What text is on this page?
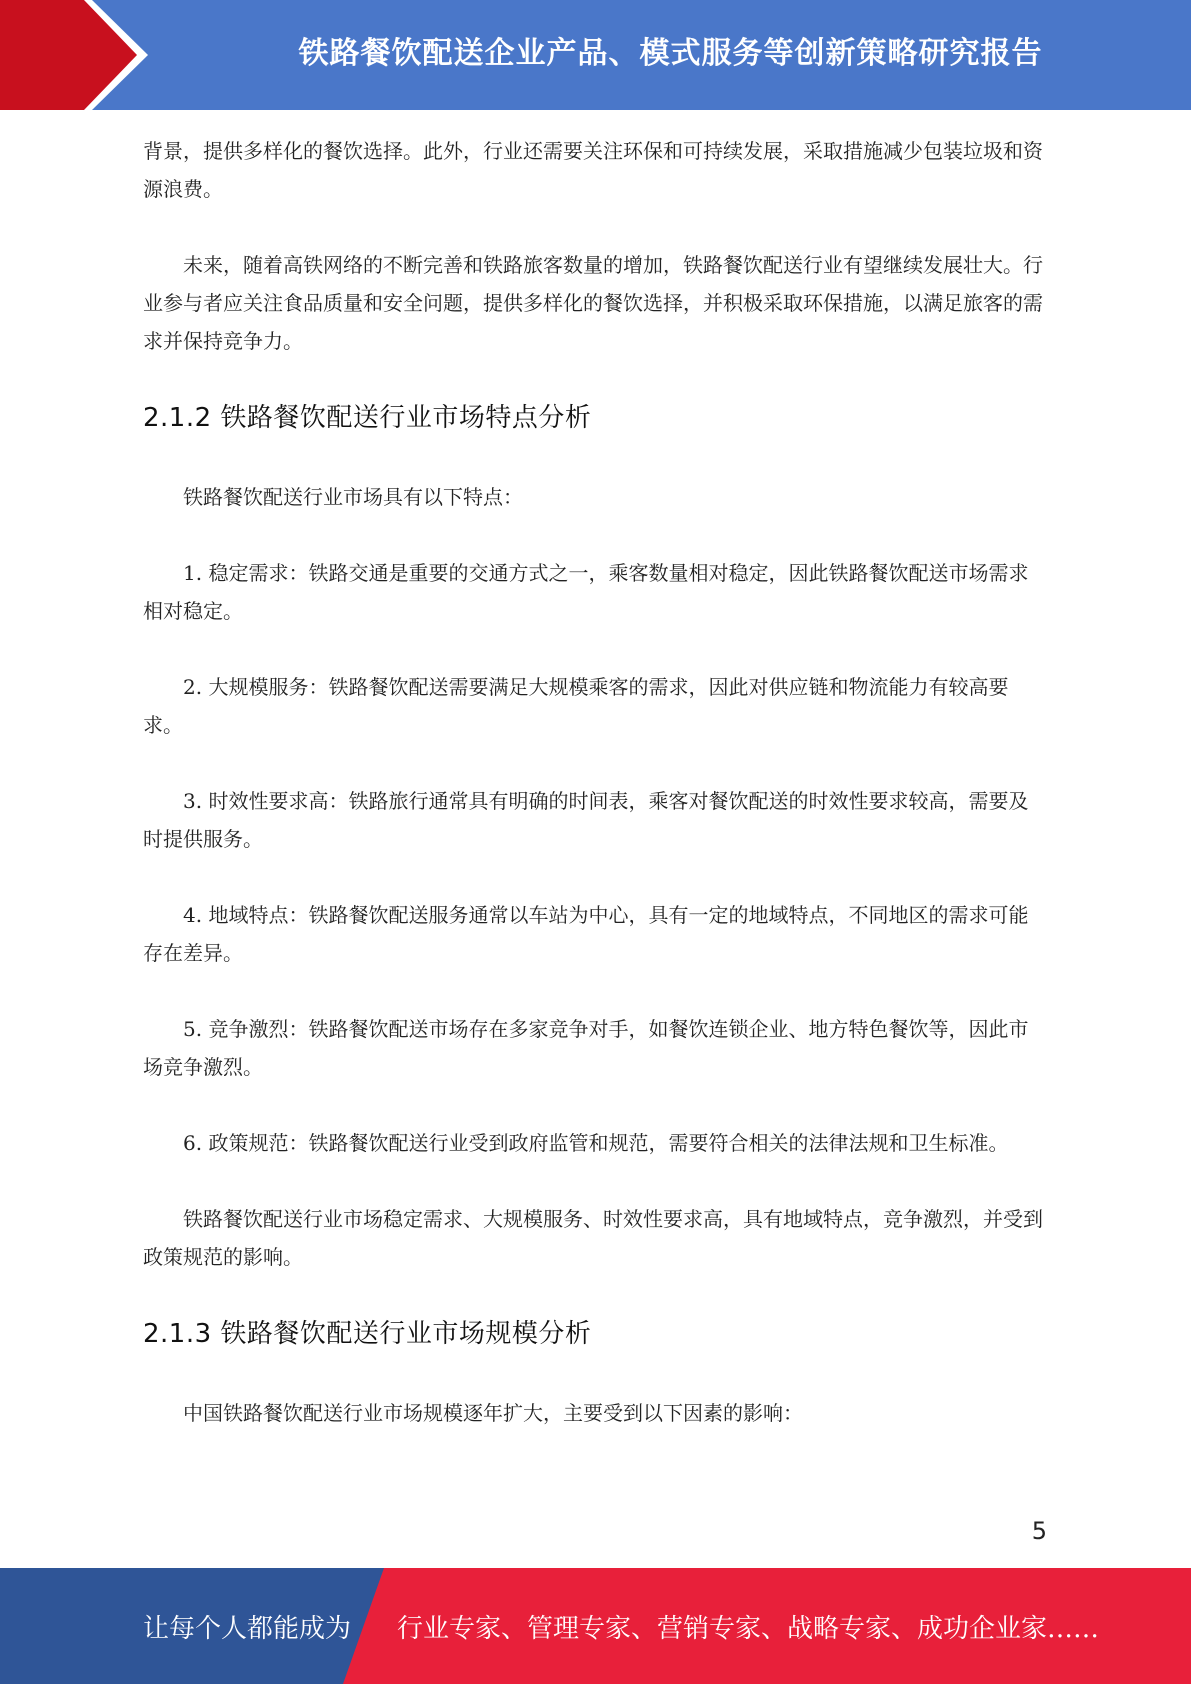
铁路餐饮配送企业产品、模式服务等创新策略研究报告

背景，提供多样化的餐饮选择。此外，行业还需要关注环保和可持续发展，采取措施减少包装垃圾和资源浪费。

未来，随着高铁网络的不断完善和铁路旅客数量的增加，铁路餐饮配送行业有望继续发展壮大。行业参与者应关注食品质量和安全问题，提供多样化的餐饮选择，并积极采取环保措施，以满足旅客的需求并保持竞争力。

2.1.2 铁路餐饮配送行业市场特点分析

铁路餐饮配送行业市场具有以下特点：

1. 稳定需求：铁路交通是重要的交通方式之一，乘客数量相对稳定，因此铁路餐饮配送市场需求相对稳定。

2. 大规模服务：铁路餐饮配送需要满足大规模乘客的需求，因此对供应链和物流能力有较高要求。

3. 时效性要求高：铁路旅行通常具有明确的时间表，乘客对餐饮配送的时效性要求较高，需要及时提供服务。

4. 地域特点：铁路餐饮配送服务通常以车站为中心，具有一定的地域特点，不同地区的需求可能存在差异。

5. 竞争激烈：铁路餐饮配送市场存在多家竞争对手，如餐饮连锁企业、地方特色餐饮等，因此市场竞争激烈。

6. 政策规范：铁路餐饮配送行业受到政府监管和规范，需要符合相关的法律法规和卫生标准。

铁路餐饮配送行业市场稳定需求、大规模服务、时效性要求高，具有地域特点，竞争激烈，并受到政策规范的影响。

2.1.3 铁路餐饮配送行业市场规模分析

中国铁路餐饮配送行业市场规模逐年扩大，主要受到以下因素的影响：

5
让每个人都能成为 行业专家、管理专家、营销专家、战略专家、成功企业家……
